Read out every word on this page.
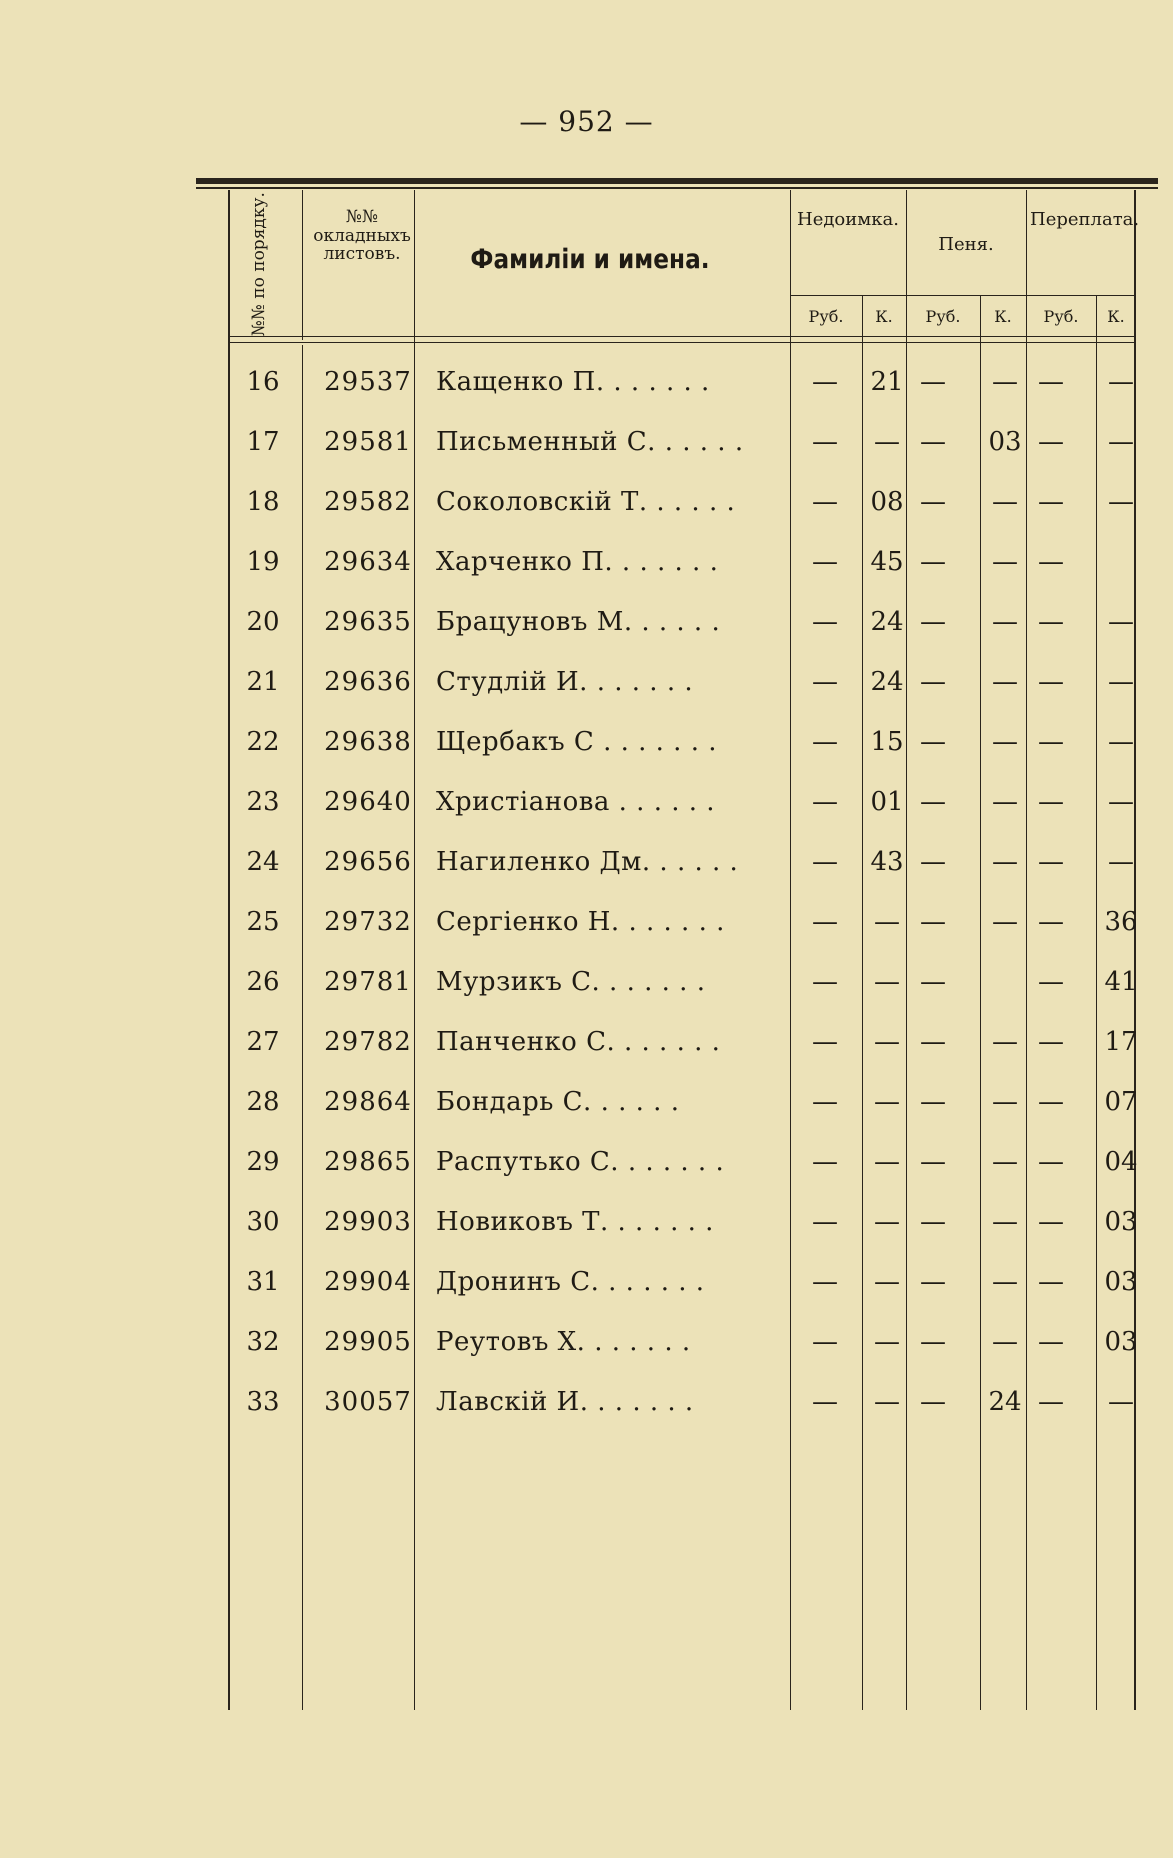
— 952 —
№№ по порядку.	№№ окладныхъ листовъ.	Фамиліи и имена.
Недоимка.
Пеня.
Переплата.
Руб.	К.	Руб.	К.	Руб.	К.
16	29537 Кащенко П. . . . . . .	— 21 — — — —
17	29581 Письменный С. . . . . .	— — — 03 — —
18	29582 Соколовскій Т. . . . . .	— 08 — — — —
19	29634 Харченко П. . . . . . .	— 45 — — —
20	29635 Брацуновъ М. . . . . .	— 24 — — — —
21	29636 Студлій И. . . . . . .	— 24 — — — —
22	29638 Щербакъ С . . . . . . .	— 15 — — — —
23	29640 Христіанова . . . . . .	— 01 — — — —
24	29656 Нагиленко Дм. . . . . .	— 43 — — — —
25	29732 Сергіенко Н. . . . . . .	— — — — — 36
26	29781 Мурзикъ С. . . . . . .	— — —	— 41
27	29782 Панченко С. . . . . . .	— — — — — 17
28	29864 Бондарь С. . . . . .	— — — — — 07
29	29865 Распутько С. . . . . . .	— — — — — 04
30	29903 Новиковъ Т. . . . . . .	— — — — — 03
31	29904 Дронинъ С. . . . . . .	— — — — — 03
32	29905 Реутовъ Х. . . . . . .	— — — — — 03
33	30057 Лавскій И. . . . . . .	— — — 24 — —
